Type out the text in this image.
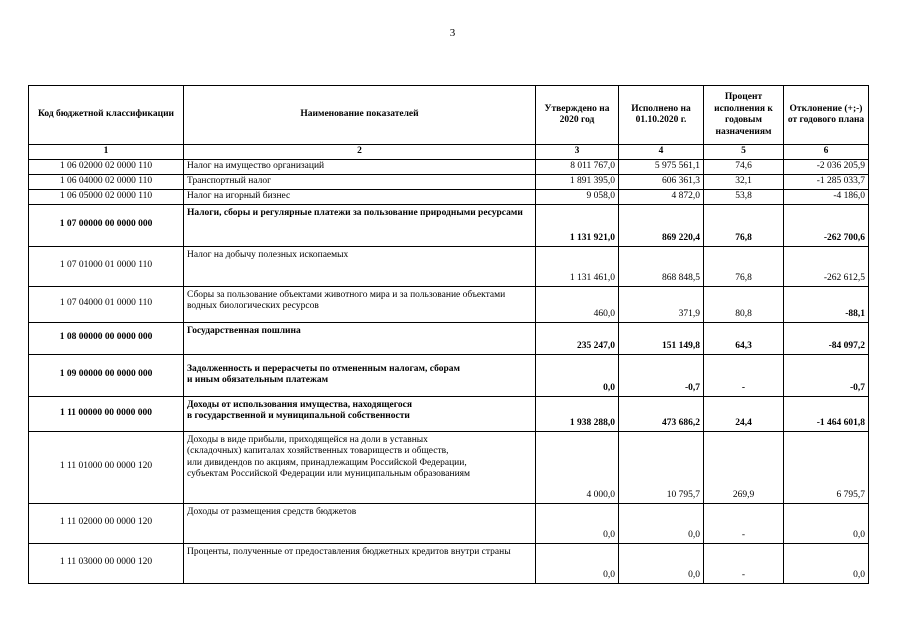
3
Код бюджетной классификации	Наименование показателей	Утверждено на 2020 год	Исполнено на 01.10.2020 г.	Процент исполнения к годовым назначениям	Отклонение (+;-) от годового плана
1	2	3	4	5	6
1 06 02000 02 0000 110	Налог на имущество организаций	8 011 767,0	5 975 561,1	74,6	-2 036 205,9
1 06 04000 02 0000 110	Транспортный налог	1 891 395,0	606 361,3	32,1	-1 285 033,7
1 06 05000 02 0000 110	Налог на игорный бизнес	9 058,0	4 872,0	53,8	-4 186,0
1 07 00000 00 0000 000	Налоги, сборы и регулярные платежи за пользование природными ресурсами	1 131 921,0	869 220,4	76,8	-262 700,6
1 07 01000 01 0000 110	Налог на добычу полезных ископаемых	1 131 461,0	868 848,5	76,8	-262 612,5
1 07 04000 01 0000 110	Сборы за пользование объектами животного мира и за пользование объектами водных биологических ресурсов	460,0	371,9	80,8	-88,1
1 08 00000 00 0000 000	Государственная пошлина	235 247,0	151 149,8	64,3	-84 097,2
1 09 00000 00 0000 000	Задолженность и перерасчеты по отмененным налогам, сборам
и иным обязательным платежам	0,0	-0,7	-	-0,7
1 11 00000 00 0000 000	Доходы от использования имущества, находящегося
в государственной и муниципальной собственности	1 938 288,0	473 686,2	24,4	-1 464 601,8
1 11 01000 00 0000 120	Доходы в виде прибыли, приходящейся на доли в уставных
(складочных) капиталах хозяйственных товариществ и обществ,
или дивидендов по акциям, принадлежащим Российской Федерации,
субъектам Российской Федерации или муниципальным образованиям	4 000,0	10 795,7	269,9	6 795,7
1 11 02000 00 0000 120	Доходы от размещения средств бюджетов	0,0	0,0	-	0,0
1 11 03000 00 0000 120	Проценты, полученные от предоставления бюджетных кредитов внутри страны	0,0	0,0	-	0,0
